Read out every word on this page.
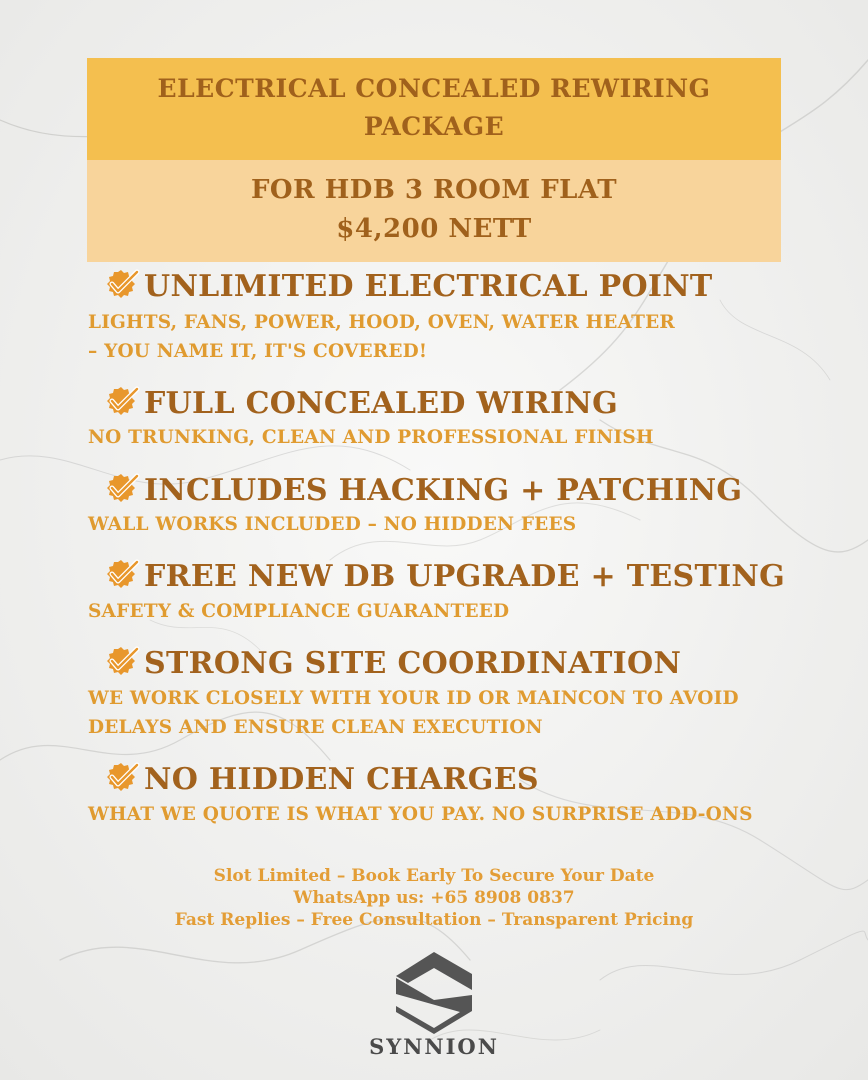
ELECTRICAL CONCEALED REWIRING
PACKAGE
FOR HDB 3 ROOM FLAT
$4,200 NETT
UNLIMITED ELECTRICAL POINT
LIGHTS, FANS, POWER, HOOD, OVEN, WATER HEATER
– YOU NAME IT, IT'S COVERED!
FULL CONCEALED WIRING
NO TRUNKING, CLEAN AND PROFESSIONAL FINISH
INCLUDES HACKING + PATCHING
WALL WORKS INCLUDED – NO HIDDEN FEES
FREE NEW DB UPGRADE + TESTING
SAFETY & COMPLIANCE GUARANTEED
STRONG SITE COORDINATION
WE WORK CLOSELY WITH YOUR ID OR MAINCON TO AVOID
DELAYS AND ENSURE CLEAN EXECUTION
NO HIDDEN CHARGES
WHAT WE QUOTE IS WHAT YOU PAY. NO SURPRISE ADD-ONS
Slot Limited – Book Early To Secure Your Date
WhatsApp us: +65 8908 0837
Fast Replies – Free Consultation – Transparent Pricing
SYNNION
